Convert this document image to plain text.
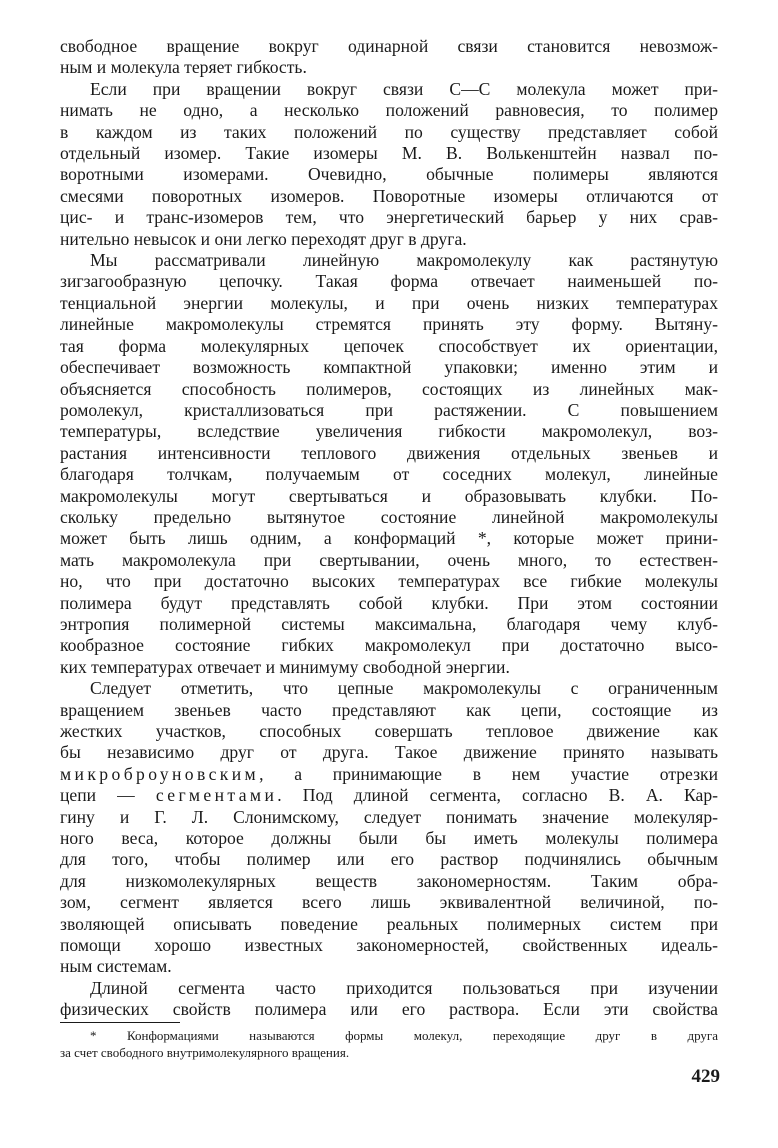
свободное вращение вокруг одинарной связи становится невозмож-
ным и молекула теряет гибкость.
Если при вращении вокруг связи С—С молекула может при-
нимать не одно, а несколько положений равновесия, то полимер
в каждом из таких положений по существу представляет собой
отдельный изомер. Такие изомеры М. В. Волькенштейн назвал по-
воротными изомерами. Очевидно, обычные полимеры являются
смесями поворотных изомеров. Поворотные изомеры отличаются от
цис- и транс-изомеров тем, что энергетический барьер у них срав-
нительно невысок и они легко переходят друг в друга.
Мы рассматривали линейную макромолекулу как растянутую
зигзагообразную цепочку. Такая форма отвечает наименьшей по-
тенциальной энергии молекулы, и при очень низких температурах
линейные макромолекулы стремятся принять эту форму. Вытяну-
тая форма молекулярных цепочек способствует их ориентации,
обеспечивает возможность компактной упаковки; именно этим и
объясняется способность полимеров, состоящих из линейных мак-
ромолекул, кристаллизоваться при растяжении. С повышением
температуры, вследствие увеличения гибкости макромолекул, воз-
растания интенсивности теплового движения отдельных звеньев и
благодаря толчкам, получаемым от соседних молекул, линейные
макромолекулы могут свертываться и образовывать клубки. По-
скольку предельно вытянутое состояние линейной макромолекулы
может быть лишь одним, а конформаций *, которые может прини-
мать макромолекула при свертывании, очень много, то естествен-
но, что при достаточно высоких температурах все гибкие молекулы
полимера будут представлять собой клубки. При этом состоянии
энтропия полимерной системы максимальна, благодаря чему клуб-
кообразное состояние гибких макромолекул при достаточно высо-
ких температурах отвечает и минимуму свободной энергии.
Следует отметить, что цепные макромолекулы с ограниченным
вращением звеньев часто представляют как цепи, состоящие из
жестких участков, способных совершать тепловое движение как
бы независимо друг от друга. Такое движение принято называть
микроброуновским, а принимающие в нем участие отрезки
цепи — сегментами. Под длиной сегмента, согласно В. А. Кар-
гину и Г. Л. Слонимскому, следует понимать значение молекуляр-
ного веса, которое должны были бы иметь молекулы полимера
для того, чтобы полимер или его раствор подчинялись обычным
для низкомолекулярных веществ закономерностям. Таким обра-
зом, сегмент является всего лишь эквивалентной величиной, по-
зволяющей описывать поведение реальных полимерных систем при
помощи хорошо известных закономерностей, свойственных идеаль-
ным системам.
Длиной сегмента часто приходится пользоваться при изучении
физических свойств полимера или его раствора. Если эти свойства
* Конформациями называются формы молекул, переходящие друг в друга
за счет свободного внутримолекулярного вращения.
429
